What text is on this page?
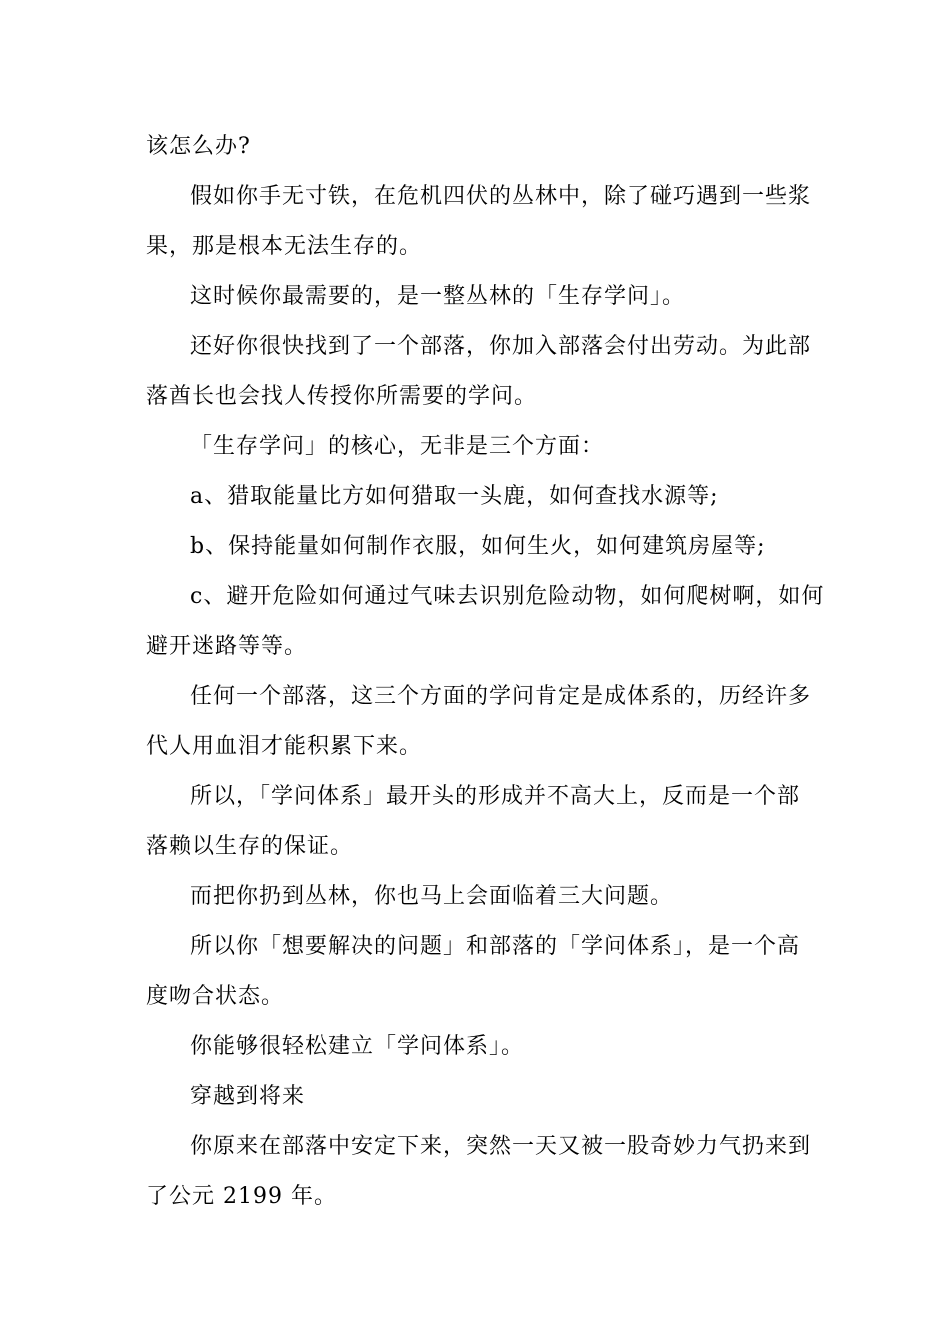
该怎么办?
假如你手无寸铁，在危机四伏的丛林中，除了碰巧遇到一些浆
果，那是根本无法生存的。
这时候你最需要的，是一整丛林的「生存学问」。
还好你很快找到了一个部落，你加入部落会付出劳动。为此部
落酋长也会找人传授你所需要的学问。
「生存学问」的核心，无非是三个方面：
a、猎取能量比方如何猎取一头鹿，如何查找水源等;
b、保持能量如何制作衣服，如何生火，如何建筑房屋等;
c、避开危险如何通过气味去识别危险动物，如何爬树啊，如何
避开迷路等等。
任何一个部落，这三个方面的学问肯定是成体系的，历经许多
代人用血泪才能积累下来。
所以，「学问体系」最开头的形成并不高大上，反而是一个部
落赖以生存的保证。
而把你扔到丛林，你也马上会面临着三大问题。
所以你「想要解决的问题」和部落的「学问体系」，是一个高
度吻合状态。
你能够很轻松建立「学问体系」。
穿越到将来
你原来在部落中安定下来，突然一天又被一股奇妙力气扔来到
了公元 2199 年。
